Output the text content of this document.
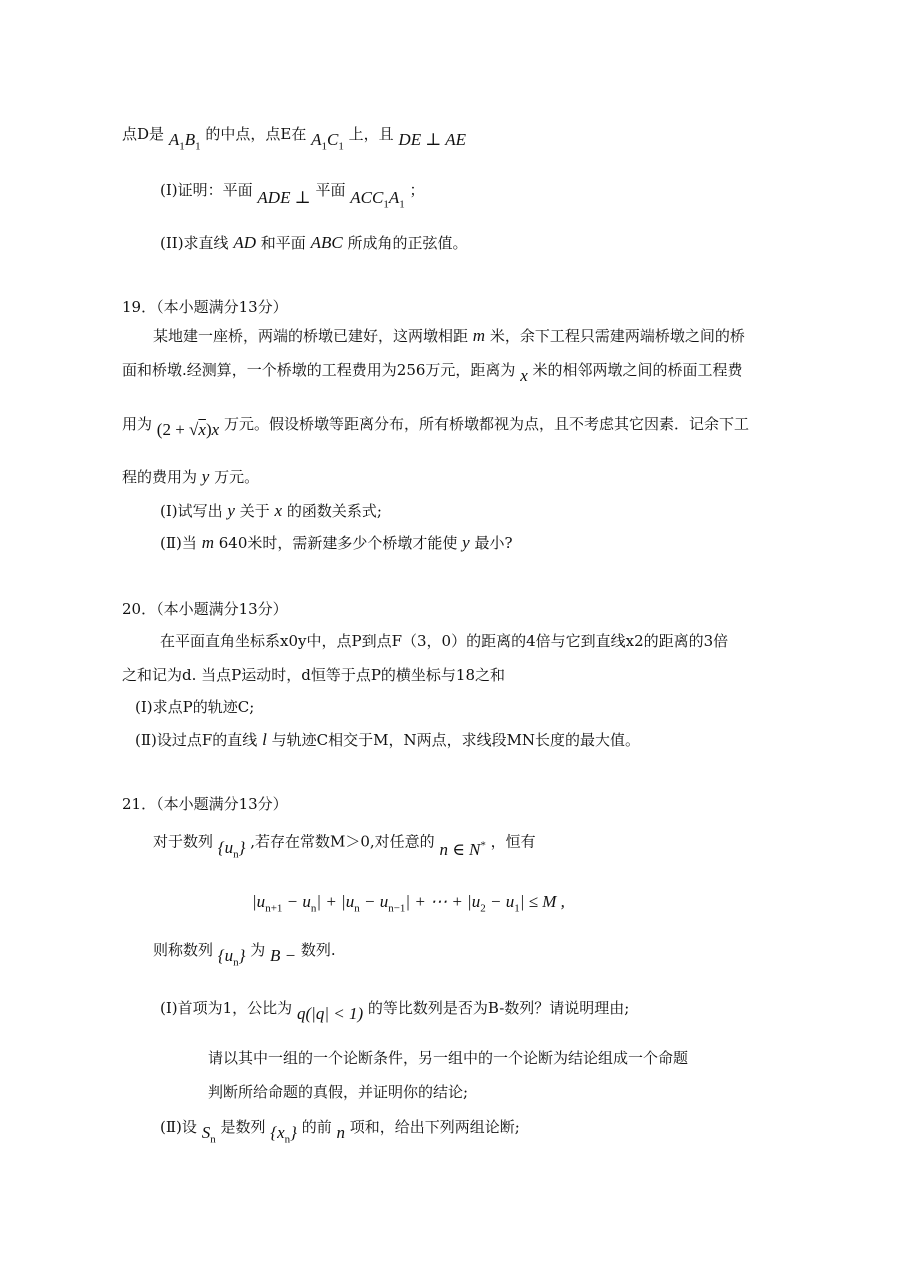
点D是 $A_1B_1$ 的中点，点E在 $A_1C_1$ 上，且 DE ⊥ AE
(I)证明：平面 ADE ⊥ 平面 $ACC_1A_1$ ；
(II)求直线 AD 和平面 ABC 所成角的正弦值。
19．（本小题满分13分）
某地建一座桥，两端的桥墩已建好，这两墩相距 m 米，余下工程只需建两端桥墩之间的桥
面和桥墩.经测算，一个桥墩的工程费用为256万元，距离为 x 米的相邻两墩之间的桥面工程费
用为 (2 + √x)x 万元。假设桥墩等距离分布，所有桥墩都视为点，且不考虑其它因素．记余下工
程的费用为 y 万元。
(Ⅰ)试写出 y 关于 x 的函数关系式;
(Ⅱ)当 m 640米时，需新建多少个桥墩才能使 y 最小?
20．（本小题满分13分）
在平面直角坐标系x0y中，点P到点F（3，0）的距离的4倍与它到直线x2的距离的3倍
之和记为d. 当点P运动时，d恒等于点P的横坐标与18之和
(Ⅰ)求点P的轨迹C;
(Ⅱ)设过点F的直线 l 与轨迹C相交于M，N两点，求线段MN长度的最大值。
21．（本小题满分13分）
对于数列 $\{u_n\}$ ,若存在常数M＞0,对任意的 n ∈ N* ，恒有
$|u_{n+1} - u_n| + |u_n - u_{n-1}|$ + ⋯ + $|u_2 - u_1| \le M$ ,
则称数列 $\{u_n\}$ 为 B − 数列.
(Ⅰ)首项为1，公比为 q(|q| < 1) 的等比数列是否为B-数列？请说明理由;
请以其中一组的一个论断条件，另一组中的一个论断为结论组成一个命题
判断所给命题的真假，并证明你的结论;
(Ⅱ)设 $S_n$ 是数列 $\{x_n\}$ 的前 n 项和，给出下列两组论断;
